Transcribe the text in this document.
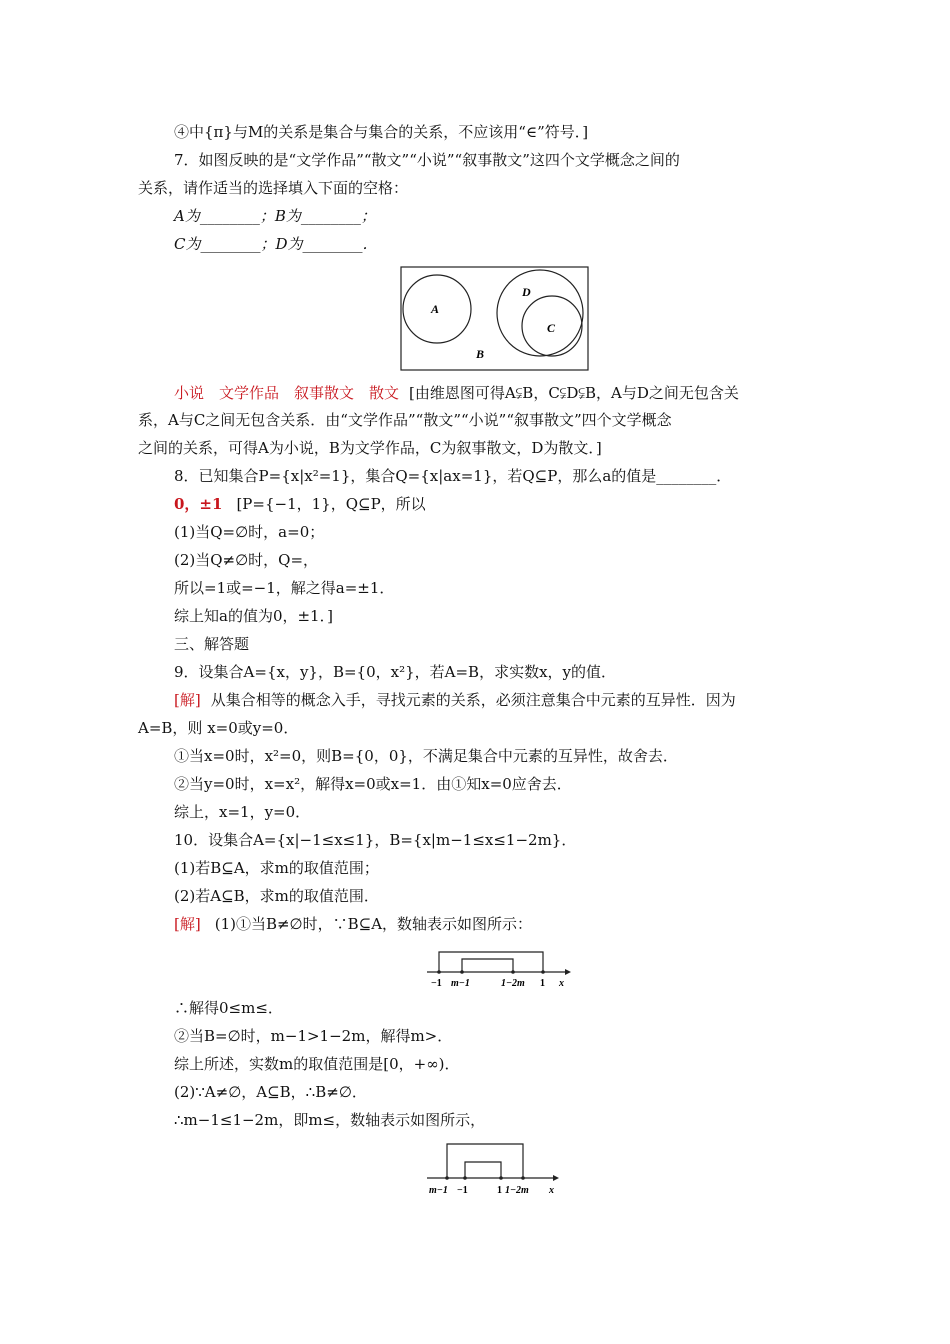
④中{π}与M的关系是集合与集合的关系，不应该用“∈”符号．]
7．如图反映的是“文学作品”“散文”“小说”“叙事散文”这四个文学概念之间的
关系，请作适当的选择填入下面的空格：
A为________；B为________；
C为________；D为________．
A
D
C
B
小说　文学作品　叙事散文　散文 [由维恩图可得A⫋B，C⫋D⫋B，A与D之间无包含关
系，A与C之间无包含关系．由“文学作品”“散文”“小说”“叙事散文”四个文学概念
之间的关系，可得A为小说，B为文学作品，C为叙事散文，D为散文．]
8．已知集合P={x|x²=1}，集合Q={x|ax=1}，若Q⊆P，那么a的值是________．
0，±1 [P={−1，1}，Q⊆P，所以
(1)当Q=∅时，a=0；
(2)当Q≠∅时，Q=，
所以=1或=−1，解之得a=±1．
综上知a的值为0，±1．]
三、解答题
9．设集合A={x，y}，B={0，x²}，若A=B，求实数x，y的值．
[解] 从集合相等的概念入手，寻找元素的关系，必须注意集合中元素的互异性．因为
A=B，则 x=0或y=0．
①当x=0时，x²=0，则B={0，0}，不满足集合中元素的互异性，故舍去．
②当y=0时，x=x²，解得x=0或x=1．由①知x=0应舍去．
综上，x=1，y=0．
10．设集合A={x|−1≤x≤1}，B={x|m−1≤x≤1−2m}．
(1)若B⊆A，求m的取值范围；
(2)若A⊆B，求m的取值范围．
[解] (1)①当B≠∅时，∵B⊆A，数轴表示如图所示：
−1 m−1	1−2m 1 x
∴解得0≤m≤．
②当B=∅时，m−1>1−2m，解得m>．
综上所述，实数m的取值范围是[0，+∞)．
(2)∵A≠∅，A⊆B，∴B≠∅．
∴m−1≤1−2m，即m≤，数轴表示如图所示，
m−1 −1	1 1−2m x
